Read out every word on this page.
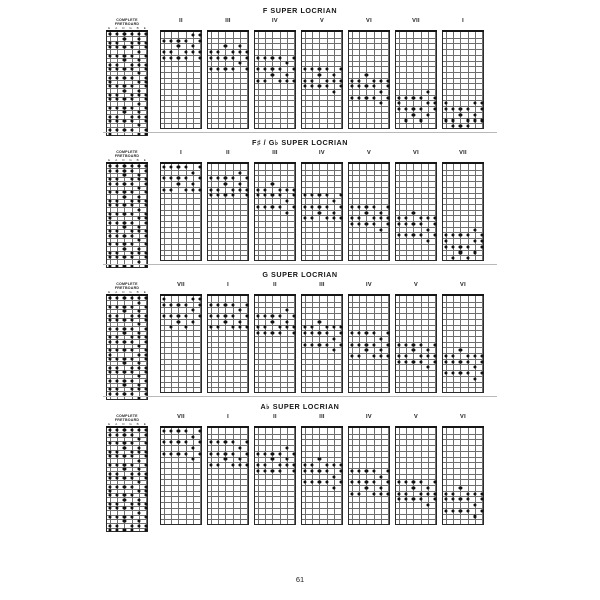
F SUPER LOCRIAN
COMPLETE
FRETBOARD
E A D G B E
II	III	IV	V	VI	VII	I
F♯ / G♭ SUPER LOCRIAN
COMPLETE
FRETBOARD
E A D G B E
I	II	III	IV	V	VI	VII
G SUPER LOCRIAN
COMPLETE
FRETBOARD
E A D G B E
VII	I	II	III	IV	V	VI
A♭ SUPER LOCRIAN
COMPLETE
FRETBOARD
E A D G B E
VII	I	II	III	IV	V	VI
61
